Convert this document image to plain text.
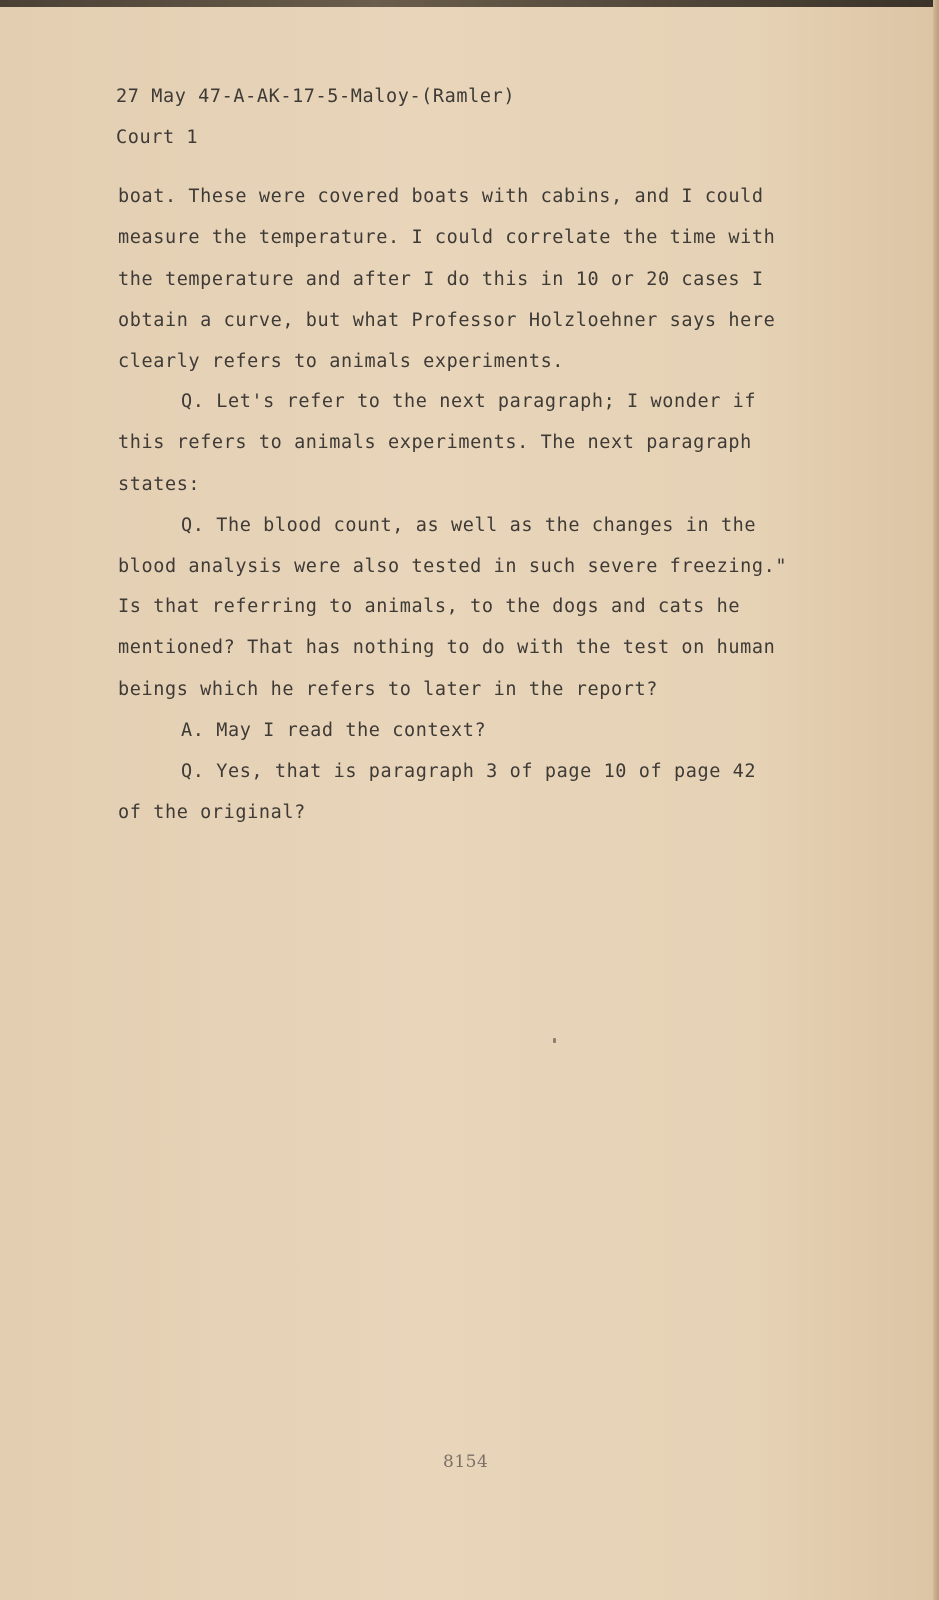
27 May 47-A-AK-17-5-Maloy-(Ramler)
Court 1
boat. These were covered boats with cabins, and I could
measure the temperature. I could correlate the time with
the temperature and after I do this in 10 or 20 cases I
obtain a curve, but what Professor Holzloehner says here
clearly refers to animals experiments.
Q. Let's refer to the next paragraph; I wonder if
this refers to animals experiments. The next paragraph
states:
Q. The blood count, as well as the changes in the
blood analysis were also tested in such severe freezing."
Is that referring to animals, to the dogs and cats he
mentioned? That has nothing to do with the test on human
beings which he refers to later in the report?
A. May I read the context?
Q. Yes, that is paragraph 3 of page 10 of page 42
of the original?
8154
